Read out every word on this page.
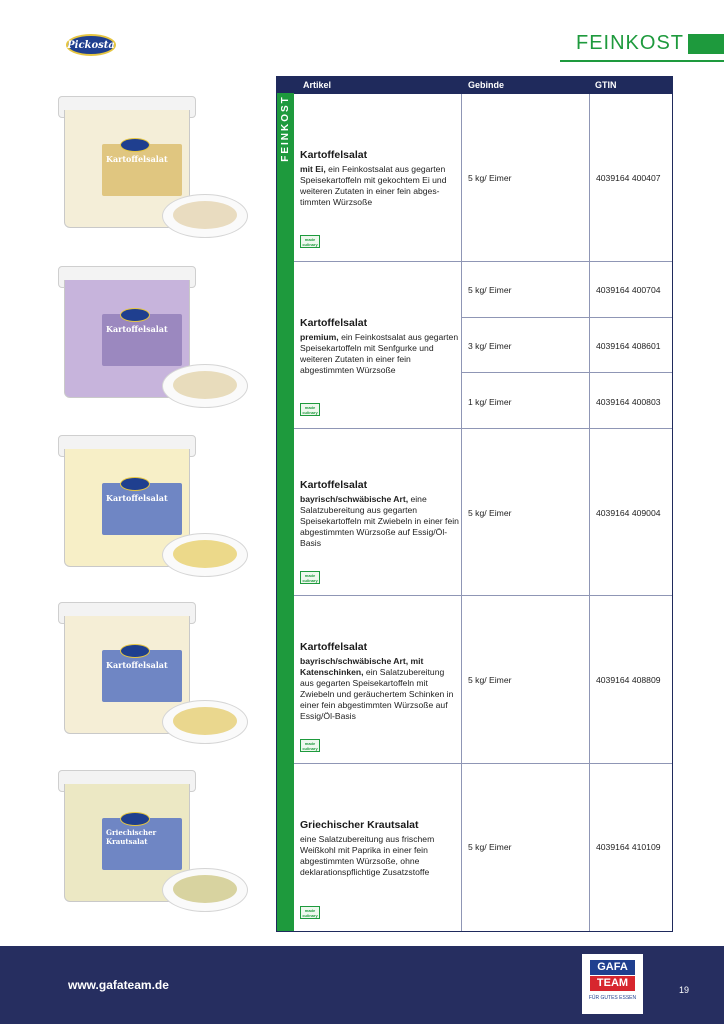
Pickosta	FEINKOST
Kartoffelsalat
Kartoffelsalat
Kartoffelsalat
Kartoffelsalat
Griechischer Krautsalat
Artikel	Gebinde	GTIN
FEINKOST Kartoffelsalat
mit Ei, ein Feinkostsalat aus gegarten Speisekartoffeln mit gekochtem Ei und weiteren Zutaten in einer fein abgestimmten Würzsoße
made culinary
5 kg/ Eimer	4039164 400407
Kartoffelsalat
premium, ein Feinkostsalat aus gegarten Speisekartoffeln mit Senfgurke und weiteren Zutaten in einer fein abgestimmten Würzsoße
made culinary
5 kg/ Eimer	4039164 400704
3 kg/ Eimer	4039164 408601
1 kg/ Eimer	4039164 400803
Kartoffelsalat
bayrisch/schwäbische Art, eine Salatzubereitung aus gegarten Speisekartoffeln mit Zwiebeln in einer fein abgestimmten Würzsoße auf Essig/Öl-Basis
made culinary
5 kg/ Eimer	4039164 409004
Kartoffelsalat
bayrisch/schwäbische Art, mit Katenschinken, ein Salatzubereitung aus gegarten Speisekartoffeln mit Zwiebeln und geräuchertem Schinken in einer fein abgestimmten Würzsoße auf Essig/Öl-Basis
made culinary
5 kg/ Eimer	4039164 408809
Griechischer Krautsalat
eine Salatzubereitung aus frischem Weißkohl mit Paprika in einer fein abgestimmten Würzsoße, ohne deklarationspflichtige Zusatzstoffe
made culinary
5 kg/ Eimer	4039164 410109
www.gafateam.de
GAFA
TEAM
FÜR GUTES ESSEN
19
